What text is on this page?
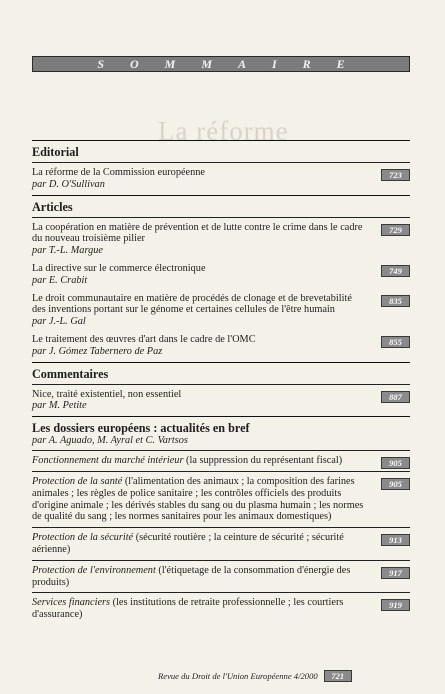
SOMMAIRE
La réforme
Editorial
La réforme de la Commission européenne
par D. O'Sullivan
723
Articles
La coopération en matière de prévention et de lutte contre le crime dans le cadre du nouveau troisième pilier
par T.-L. Margue
729
La directive sur le commerce électronique
par E. Crabit
749
Le droit communautaire en matière de procédés de clonage et de brevetabilité des inventions portant sur le génome et certaines cellules de l'être humain
par J.-L. Gal
835
Le traitement des œuvres d'art dans le cadre de l'OMC
par J. Gómez Tabernero de Paz
855
Commentaires
Nice, traité existentiel, non essentiel
par M. Petite
887
Les dossiers européens : actualités en bref
par A. Aguado, M. Ayral et C. Vartsos
Fonctionnement du marché intérieur (la suppression du représentant fiscal)	905
Protection de la santé (l'alimentation des animaux ; la composition des farines animales ; les règles de police sanitaire ; les contrôles officiels des produits d'origine animale ; les dérivés stables du sang ou du plasma humain ; les normes de qualité du sang ; les normes sanitaires pour les animaux domestiques)
905
Protection de la sécurité (sécurité routière ; la ceinture de sécurité ; sécurité aérienne)
913
Protection de l'environnement (l'étiquetage de la consommation d'énergie des produits)
917
Services financiers (les institutions de retraite professionnelle ; les courtiers d'assurance)
919
Revue du Droit de l'Union Européenne 4/2000	721
